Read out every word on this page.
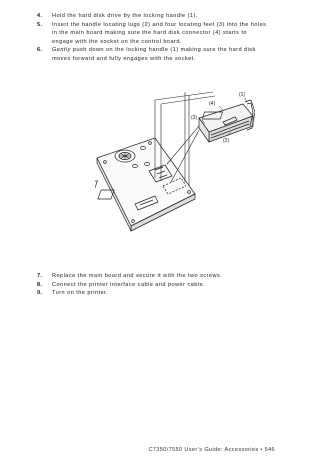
4. Hold the hard disk drive by the locking handle (1).
5. Insert the handle locating lugs (2) and four locating feet (3) into the holes in the main board making sure the hard disk connector (4) starts to engage with the socket on the control board.
6. Gently push down on the locking handle (1) making sure the hard disk moves forward and fully engages with the socket.
(1)
(4)
(3)
(2)
7. Replace the main board and secure it with the two screws.
8. Connect the printer interface cable and power cable.
9. Turn on the printer.
C7350/7550 User’s Guide: Accessories • 546
